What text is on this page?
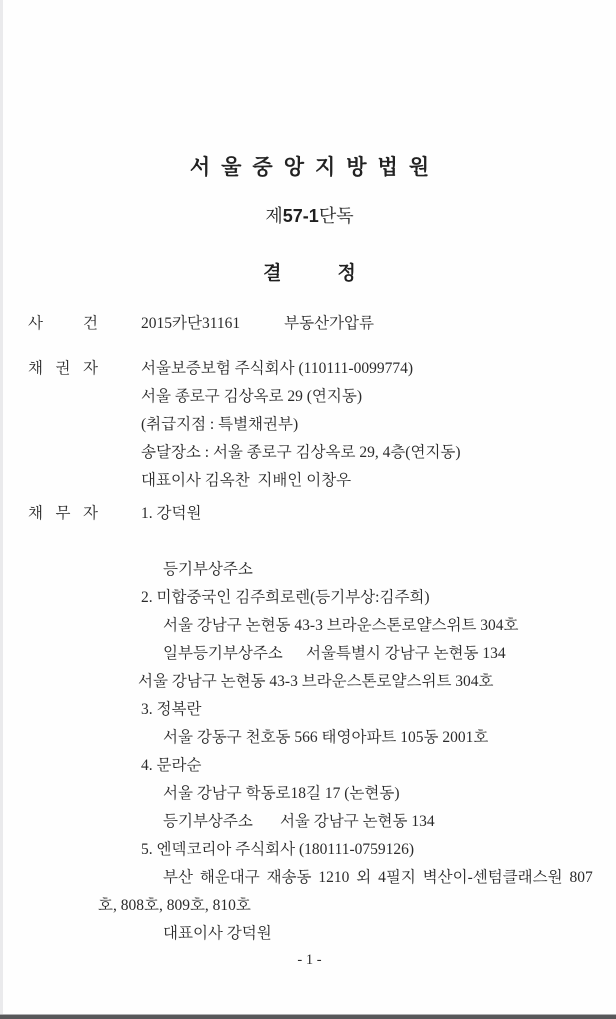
서울중앙지방법원
제57-1단독
결	정
사	건	2015카단31161	부동산가압류
채 권 자	서울보증보험 주식회사 (110111-0099774)
서울 종로구 김상옥로 29 (연지동)
(취급지점 : 특별채권부)
송달장소 : 서울 종로구 김상옥로 29, 4층(연지동)
대표이사 김옥찬  지배인 이창우
채 무 자	1. 강덕원
등기부상주소
2. 미합중국인 김주희로렌(등기부상:김주희)
서울 강남구 논현동 43-3 브라운스톤로얄스위트 304호
일부등기부상주소      서울특별시 강남구 논현동 134
서울 강남구 논현동 43-3 브라운스톤로얄스위트 304호
3. 정복란
서울 강동구 천호동 566 태영아파트 105동 2001호
4. 문라순
서울 강남구 학동로18길 17 (논현동)
등기부상주소       서울 강남구 논현동 134
5. 엔덱코리아 주식회사 (180111-0759126)
부산 해운대구 재송동 1210 외 4필지 벽산이-센텀클래스원 807
호, 808호, 809호, 810호
대표이사 강덕원
- 1 -
